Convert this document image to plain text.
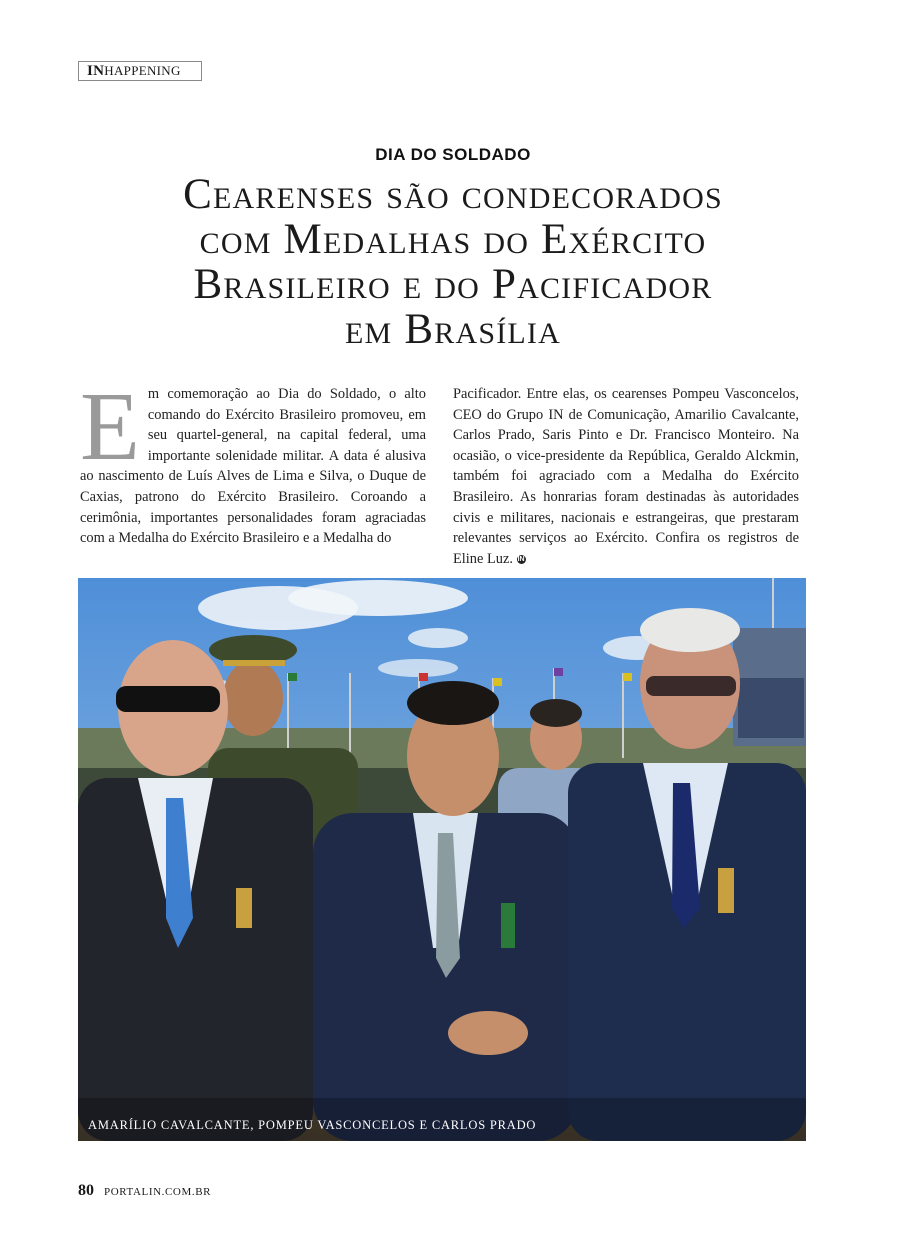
IN HAPPENING
DIA DO SOLDADO
Cearenses são condecorados
com Medalhas do Exército
Brasileiro e do Pacificador
em Brasília
E m comemoração ao Dia do Soldado, o alto comando do Exército Brasileiro promoveu, em seu quartel-general, na capital federal, uma importante solenidade militar. A data é alusiva ao nascimento de Luís Alves de Lima e Silva, o Duque de Caxias, patrono do Exército Brasileiro. Coroando a cerimônia, importantes personalidades foram agraciadas com a Medalha do Exército Brasileiro e a Medalha do
Pacificador. Entre elas, os cearenses Pompeu Vasconcelos, CEO do Grupo IN de Comunicação, Amarilio Cavalcante, Carlos Prado, Saris Pinto e Dr. Francisco Monteiro. Na ocasião, o vice-presidente da República, Geraldo Alckmin, também foi agraciado com a Medalha do Exército Brasileiro. As honrarias foram destinadas às autoridades civis e militares, nacionais e estrangeiras, que prestaram relevantes serviços ao Exército. Confira os registros de Eline Luz. IN
AMARÍLIO CAVALCANTE, POMPEU VASCONCELOS E CARLOS PRADO
80 PORTALIN.COM.BR
